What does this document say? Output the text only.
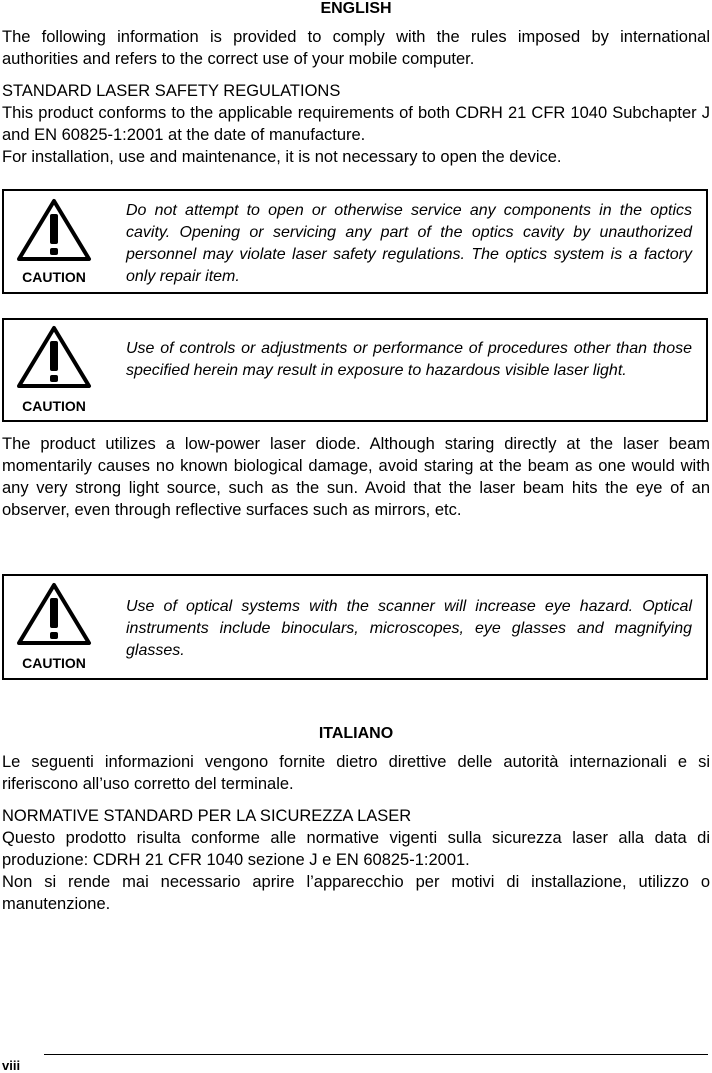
ENGLISH
The following information is provided to comply with the rules imposed by international authorities and refers to the correct use of your mobile computer.
STANDARD LASER SAFETY REGULATIONS
This product conforms to the applicable requirements of both CDRH 21 CFR 1040 Subchapter J and EN 60825-1:2001 at the date of manufacture.
For installation, use and maintenance, it is not necessary to open the device.
CAUTION
Do not attempt to open or otherwise service any components in the optics cavity. Opening or servicing any part of the optics cavity by unauthorized personnel may violate laser safety regulations. The optics system is a factory only repair item.
CAUTION
Use of controls or adjustments or performance of procedures other than those specified herein may result in exposure to hazardous visible laser light.
The product utilizes a low-power laser diode. Although staring directly at the laser beam momentarily causes no known biological damage, avoid staring at the beam as one would with any very strong light source, such as the sun. Avoid that the laser beam hits the eye of an observer, even through reflective surfaces such as mirrors, etc.
CAUTION
Use of optical systems with the scanner will increase eye hazard. Optical instruments include binoculars, microscopes, eye glasses and magnifying glasses.
ITALIANO
Le seguenti informazioni vengono fornite dietro direttive delle autorità internazionali e si riferiscono all’uso corretto del terminale.
NORMATIVE STANDARD PER LA SICUREZZA LASER
Questo prodotto risulta conforme alle normative vigenti sulla sicurezza laser alla data di produzione: CDRH 21 CFR 1040 sezione J e EN 60825-1:2001.
Non si rende mai necessario aprire l’apparecchio per motivi di installazione, utilizzo o manutenzione.
viii
